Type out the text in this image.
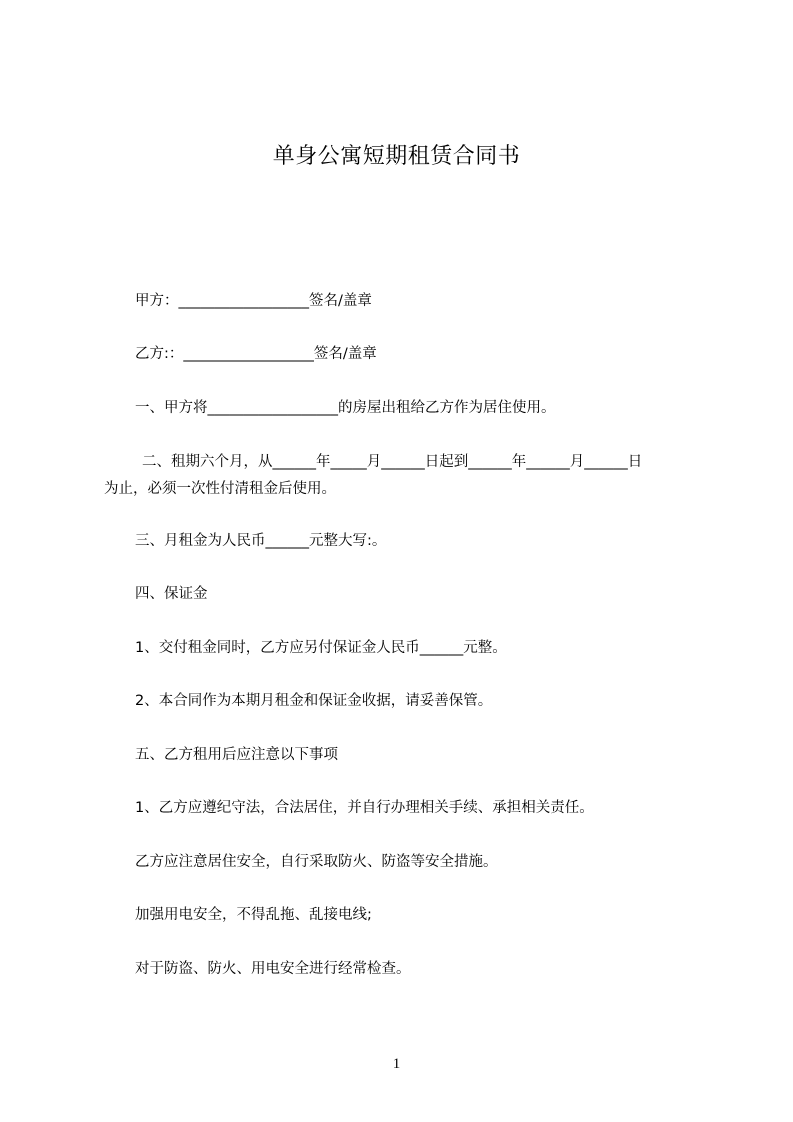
单身公寓短期租赁合同书
甲方：__________________签名/盖章
乙方:：__________________签名/盖章
一、甲方将__________________的房屋出租给乙方作为居住使用。
二、租期六个月，从______年_____月______日起到______年______月______日
为止，必须一次性付清租金后使用。
三、月租金为人民币______元整大写:。
四、保证金
1、交付租金同时，乙方应另付保证金人民币______元整。
2、本合同作为本期月租金和保证金收据，请妥善保管。
五、乙方租用后应注意以下事项
1、乙方应遵纪守法，合法居住，并自行办理相关手续、承担相关责任。
乙方应注意居住安全，自行采取防火、防盗等安全措施。
加强用电安全，不得乱拖、乱接电线;
对于防盗、防火、用电安全进行经常检查。
1
